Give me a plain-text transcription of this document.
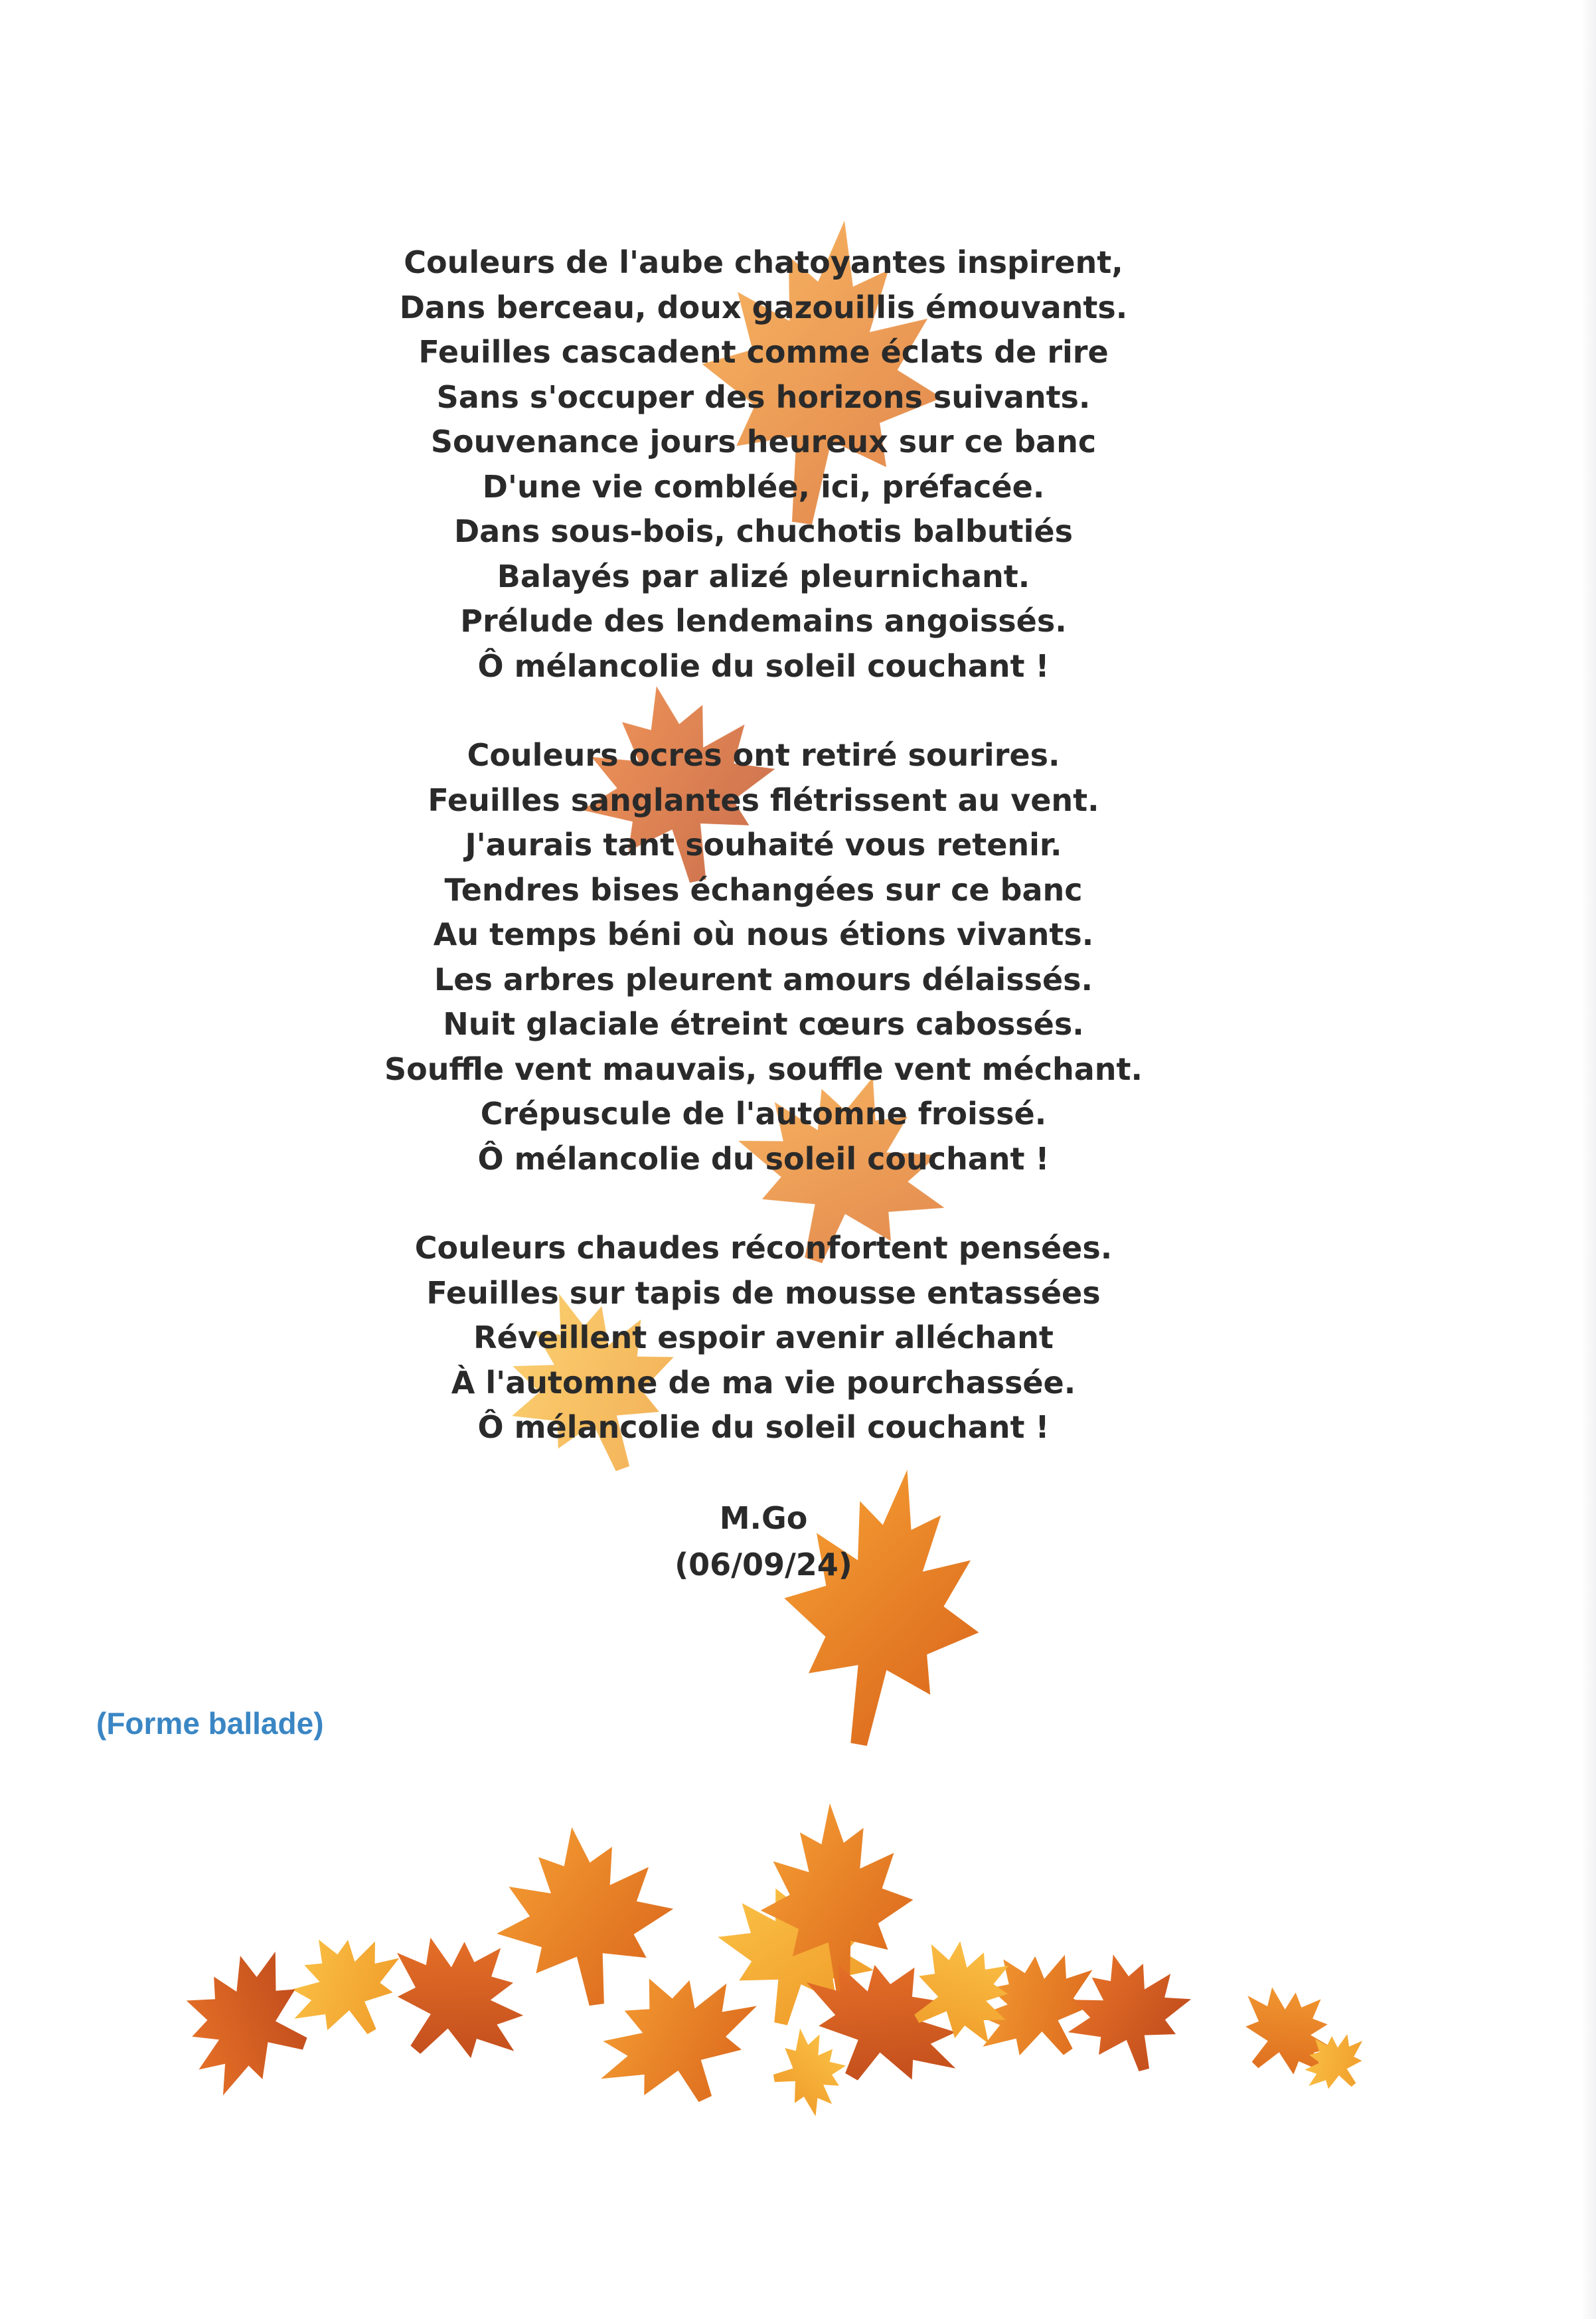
Couleurs de l'aube chatoyantes inspirent,
Dans berceau, doux gazouillis émouvants.
Feuilles cascadent comme éclats de rire
Sans s'occuper des horizons suivants.
Souvenance jours heureux sur ce banc
D'une vie comblée, ici, préfacée.
Dans sous-bois, chuchotis balbutiés
Balayés par alizé pleurnichant.
Prélude des lendemains angoissés.
Ô mélancolie du soleil couchant !
Couleurs ocres ont retiré sourires.
Feuilles sanglantes flétrissent au vent.
J'aurais tant souhaité vous retenir.
Tendres bises échangées sur ce banc
Au temps béni où nous étions vivants.
Les arbres pleurent amours délaissés.
Nuit glaciale étreint cœurs cabossés.
Souffle vent mauvais, souffle vent méchant.
Crépuscule de l'automne froissé.
Ô mélancolie du soleil couchant !
Couleurs chaudes réconfortent pensées.
Feuilles sur tapis de mousse entassées
Réveillent espoir avenir alléchant
À l'automne de ma vie pourchassée.
Ô mélancolie du soleil couchant !
M.Go
(06/09/24)
(Forme ballade)
